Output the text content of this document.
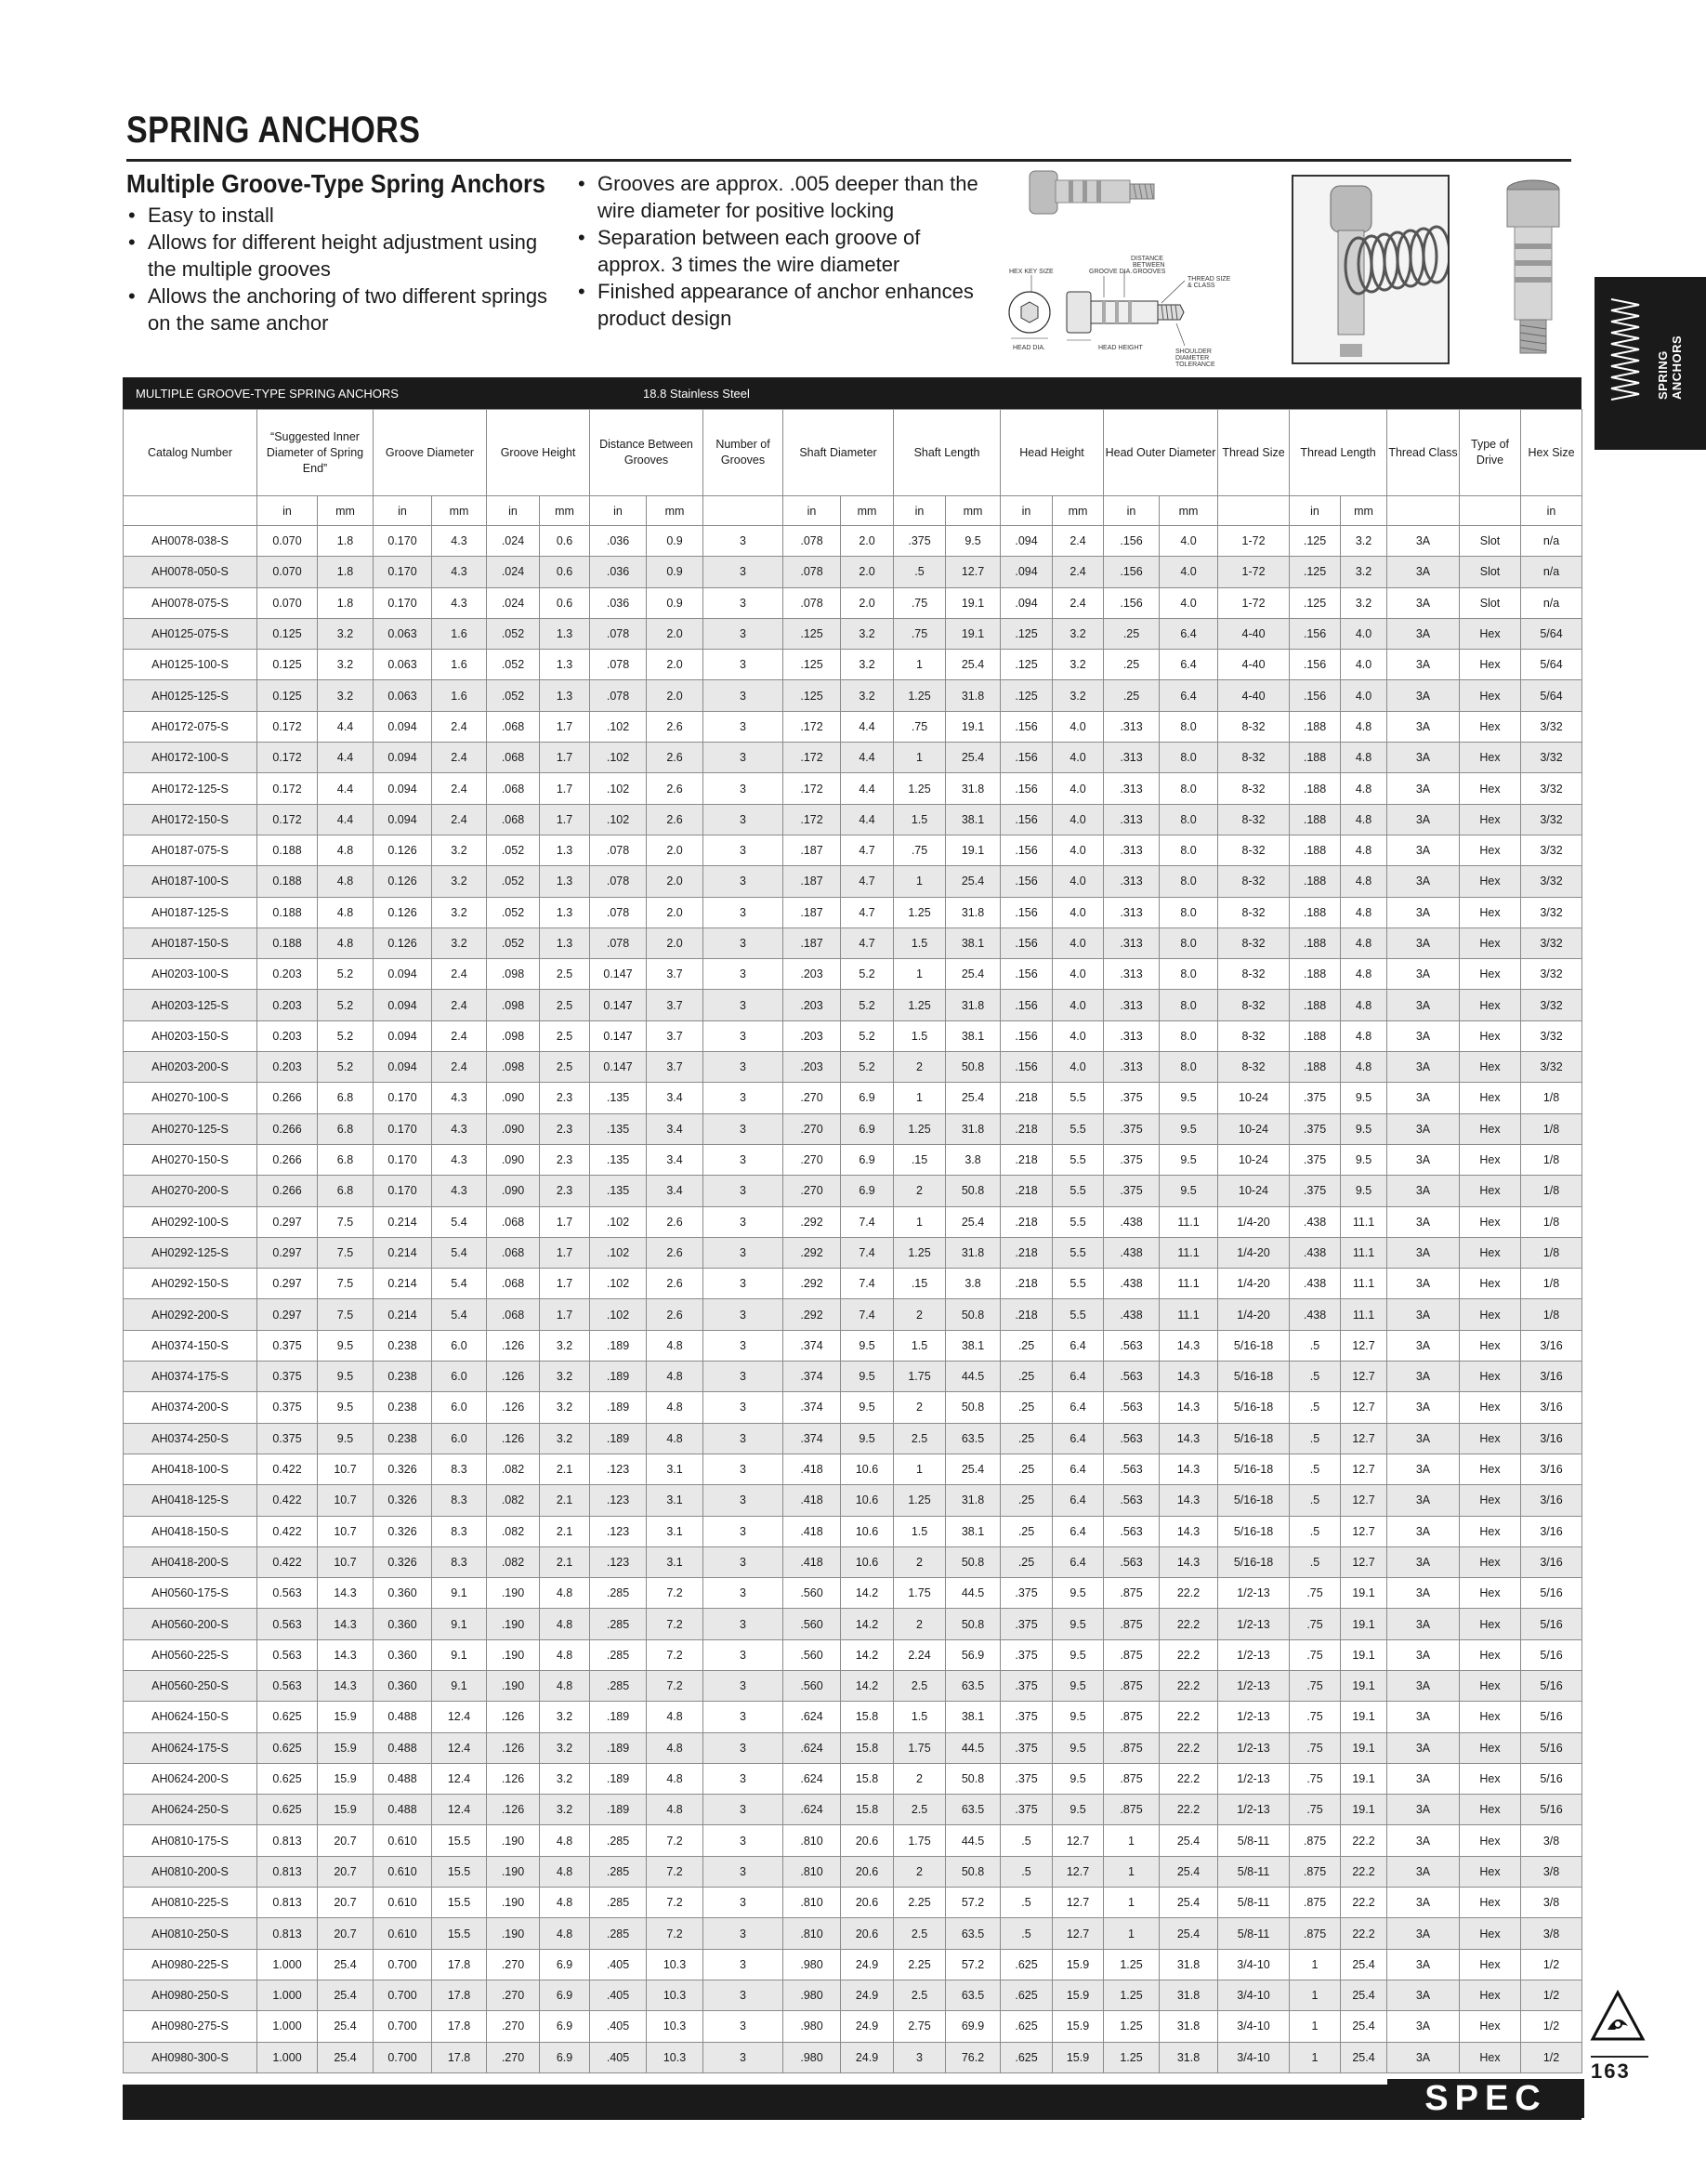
SPRING ANCHORS
Multiple Groove-Type Spring Anchors
• Easy to install
• Allows for different height adjustment using the multiple grooves
• Allows the anchoring of two different springs on the same anchor
• Grooves are approx. .005 deeper than the wire diameter for positive locking
• Separation between each groove of approx. 3 times the wire diameter
• Finished appearance of anchor enhances product design
HEX KEY SIZE	GROOVE DIA.
DISTANCE
BETWEEN
GROOVES
THREAD SIZE
& CLASS
HEAD DIA.	HEAD HEIGHT
SHOULDER
DIAMETER
TOLERANCE	SPRING ANCHORS
MULTIPLE GROOVE-TYPE SPRING ANCHORS	18.8 Stainless Steel
Catalog Number	“Suggested Inner Diameter of Spring End”		Groove Diameter		Groove Height		Distance Between Grooves		Number of Grooves	Shaft Diameter		Shaft Length		Head Height		Head Outer Diameter		Thread Size	Thread Length		Thread Class	Type of Drive	Hex Size
	in	mm	in	mm	in	mm	in	mm		in	mm	in	mm	in	mm	in	mm		in	mm			in
AH0078-038-S	0.070	1.8	0.170	4.3	.024	0.6	.036	0.9	3	.078	2.0	.375	9.5	.094	2.4	.156	4.0	1-72	.125	3.2	3A	Slot	n/a
AH0078-050-S	0.070	1.8	0.170	4.3	.024	0.6	.036	0.9	3	.078	2.0	.5	12.7	.094	2.4	.156	4.0	1-72	.125	3.2	3A	Slot	n/a
AH0078-075-S	0.070	1.8	0.170	4.3	.024	0.6	.036	0.9	3	.078	2.0	.75	19.1	.094	2.4	.156	4.0	1-72	.125	3.2	3A	Slot	n/a
AH0125-075-S	0.125	3.2	0.063	1.6	.052	1.3	.078	2.0	3	.125	3.2	.75	19.1	.125	3.2	.25	6.4	4-40	.156	4.0	3A	Hex	5/64
AH0125-100-S	0.125	3.2	0.063	1.6	.052	1.3	.078	2.0	3	.125	3.2	1	25.4	.125	3.2	.25	6.4	4-40	.156	4.0	3A	Hex	5/64
AH0125-125-S	0.125	3.2	0.063	1.6	.052	1.3	.078	2.0	3	.125	3.2	1.25	31.8	.125	3.2	.25	6.4	4-40	.156	4.0	3A	Hex	5/64
AH0172-075-S	0.172	4.4	0.094	2.4	.068	1.7	.102	2.6	3	.172	4.4	.75	19.1	.156	4.0	.313	8.0	8-32	.188	4.8	3A	Hex	3/32
AH0172-100-S	0.172	4.4	0.094	2.4	.068	1.7	.102	2.6	3	.172	4.4	1	25.4	.156	4.0	.313	8.0	8-32	.188	4.8	3A	Hex	3/32
AH0172-125-S	0.172	4.4	0.094	2.4	.068	1.7	.102	2.6	3	.172	4.4	1.25	31.8	.156	4.0	.313	8.0	8-32	.188	4.8	3A	Hex	3/32
AH0172-150-S	0.172	4.4	0.094	2.4	.068	1.7	.102	2.6	3	.172	4.4	1.5	38.1	.156	4.0	.313	8.0	8-32	.188	4.8	3A	Hex	3/32
AH0187-075-S	0.188	4.8	0.126	3.2	.052	1.3	.078	2.0	3	.187	4.7	.75	19.1	.156	4.0	.313	8.0	8-32	.188	4.8	3A	Hex	3/32
AH0187-100-S	0.188	4.8	0.126	3.2	.052	1.3	.078	2.0	3	.187	4.7	1	25.4	.156	4.0	.313	8.0	8-32	.188	4.8	3A	Hex	3/32
AH0187-125-S	0.188	4.8	0.126	3.2	.052	1.3	.078	2.0	3	.187	4.7	1.25	31.8	.156	4.0	.313	8.0	8-32	.188	4.8	3A	Hex	3/32
AH0187-150-S	0.188	4.8	0.126	3.2	.052	1.3	.078	2.0	3	.187	4.7	1.5	38.1	.156	4.0	.313	8.0	8-32	.188	4.8	3A	Hex	3/32
AH0203-100-S	0.203	5.2	0.094	2.4	.098	2.5	0.147	3.7	3	.203	5.2	1	25.4	.156	4.0	.313	8.0	8-32	.188	4.8	3A	Hex	3/32
AH0203-125-S	0.203	5.2	0.094	2.4	.098	2.5	0.147	3.7	3	.203	5.2	1.25	31.8	.156	4.0	.313	8.0	8-32	.188	4.8	3A	Hex	3/32
AH0203-150-S	0.203	5.2	0.094	2.4	.098	2.5	0.147	3.7	3	.203	5.2	1.5	38.1	.156	4.0	.313	8.0	8-32	.188	4.8	3A	Hex	3/32
AH0203-200-S	0.203	5.2	0.094	2.4	.098	2.5	0.147	3.7	3	.203	5.2	2	50.8	.156	4.0	.313	8.0	8-32	.188	4.8	3A	Hex	3/32
AH0270-100-S	0.266	6.8	0.170	4.3	.090	2.3	.135	3.4	3	.270	6.9	1	25.4	.218	5.5	.375	9.5	10-24	.375	9.5	3A	Hex	1/8
AH0270-125-S	0.266	6.8	0.170	4.3	.090	2.3	.135	3.4	3	.270	6.9	1.25	31.8	.218	5.5	.375	9.5	10-24	.375	9.5	3A	Hex	1/8
AH0270-150-S	0.266	6.8	0.170	4.3	.090	2.3	.135	3.4	3	.270	6.9	.15	3.8	.218	5.5	.375	9.5	10-24	.375	9.5	3A	Hex	1/8
AH0270-200-S	0.266	6.8	0.170	4.3	.090	2.3	.135	3.4	3	.270	6.9	2	50.8	.218	5.5	.375	9.5	10-24	.375	9.5	3A	Hex	1/8
AH0292-100-S	0.297	7.5	0.214	5.4	.068	1.7	.102	2.6	3	.292	7.4	1	25.4	.218	5.5	.438	11.1	1/4-20	.438	11.1	3A	Hex	1/8
AH0292-125-S	0.297	7.5	0.214	5.4	.068	1.7	.102	2.6	3	.292	7.4	1.25	31.8	.218	5.5	.438	11.1	1/4-20	.438	11.1	3A	Hex	1/8
AH0292-150-S	0.297	7.5	0.214	5.4	.068	1.7	.102	2.6	3	.292	7.4	.15	3.8	.218	5.5	.438	11.1	1/4-20	.438	11.1	3A	Hex	1/8
AH0292-200-S	0.297	7.5	0.214	5.4	.068	1.7	.102	2.6	3	.292	7.4	2	50.8	.218	5.5	.438	11.1	1/4-20	.438	11.1	3A	Hex	1/8
AH0374-150-S	0.375	9.5	0.238	6.0	.126	3.2	.189	4.8	3	.374	9.5	1.5	38.1	.25	6.4	.563	14.3	5/16-18	.5	12.7	3A	Hex	3/16
AH0374-175-S	0.375	9.5	0.238	6.0	.126	3.2	.189	4.8	3	.374	9.5	1.75	44.5	.25	6.4	.563	14.3	5/16-18	.5	12.7	3A	Hex	3/16
AH0374-200-S	0.375	9.5	0.238	6.0	.126	3.2	.189	4.8	3	.374	9.5	2	50.8	.25	6.4	.563	14.3	5/16-18	.5	12.7	3A	Hex	3/16
AH0374-250-S	0.375	9.5	0.238	6.0	.126	3.2	.189	4.8	3	.374	9.5	2.5	63.5	.25	6.4	.563	14.3	5/16-18	.5	12.7	3A	Hex	3/16
AH0418-100-S	0.422	10.7	0.326	8.3	.082	2.1	.123	3.1	3	.418	10.6	1	25.4	.25	6.4	.563	14.3	5/16-18	.5	12.7	3A	Hex	3/16
AH0418-125-S	0.422	10.7	0.326	8.3	.082	2.1	.123	3.1	3	.418	10.6	1.25	31.8	.25	6.4	.563	14.3	5/16-18	.5	12.7	3A	Hex	3/16
AH0418-150-S	0.422	10.7	0.326	8.3	.082	2.1	.123	3.1	3	.418	10.6	1.5	38.1	.25	6.4	.563	14.3	5/16-18	.5	12.7	3A	Hex	3/16
AH0418-200-S	0.422	10.7	0.326	8.3	.082	2.1	.123	3.1	3	.418	10.6	2	50.8	.25	6.4	.563	14.3	5/16-18	.5	12.7	3A	Hex	3/16
AH0560-175-S	0.563	14.3	0.360	9.1	.190	4.8	.285	7.2	3	.560	14.2	1.75	44.5	.375	9.5	.875	22.2	1/2-13	.75	19.1	3A	Hex	5/16
AH0560-200-S	0.563	14.3	0.360	9.1	.190	4.8	.285	7.2	3	.560	14.2	2	50.8	.375	9.5	.875	22.2	1/2-13	.75	19.1	3A	Hex	5/16
AH0560-225-S	0.563	14.3	0.360	9.1	.190	4.8	.285	7.2	3	.560	14.2	2.24	56.9	.375	9.5	.875	22.2	1/2-13	.75	19.1	3A	Hex	5/16
AH0560-250-S	0.563	14.3	0.360	9.1	.190	4.8	.285	7.2	3	.560	14.2	2.5	63.5	.375	9.5	.875	22.2	1/2-13	.75	19.1	3A	Hex	5/16
AH0624-150-S	0.625	15.9	0.488	12.4	.126	3.2	.189	4.8	3	.624	15.8	1.5	38.1	.375	9.5	.875	22.2	1/2-13	.75	19.1	3A	Hex	5/16
AH0624-175-S	0.625	15.9	0.488	12.4	.126	3.2	.189	4.8	3	.624	15.8	1.75	44.5	.375	9.5	.875	22.2	1/2-13	.75	19.1	3A	Hex	5/16
AH0624-200-S	0.625	15.9	0.488	12.4	.126	3.2	.189	4.8	3	.624	15.8	2	50.8	.375	9.5	.875	22.2	1/2-13	.75	19.1	3A	Hex	5/16
AH0624-250-S	0.625	15.9	0.488	12.4	.126	3.2	.189	4.8	3	.624	15.8	2.5	63.5	.375	9.5	.875	22.2	1/2-13	.75	19.1	3A	Hex	5/16
AH0810-175-S	0.813	20.7	0.610	15.5	.190	4.8	.285	7.2	3	.810	20.6	1.75	44.5	.5	12.7	1	25.4	5/8-11	.875	22.2	3A	Hex	3/8
AH0810-200-S	0.813	20.7	0.610	15.5	.190	4.8	.285	7.2	3	.810	20.6	2	50.8	.5	12.7	1	25.4	5/8-11	.875	22.2	3A	Hex	3/8
AH0810-225-S	0.813	20.7	0.610	15.5	.190	4.8	.285	7.2	3	.810	20.6	2.25	57.2	.5	12.7	1	25.4	5/8-11	.875	22.2	3A	Hex	3/8
AH0810-250-S	0.813	20.7	0.610	15.5	.190	4.8	.285	7.2	3	.810	20.6	2.5	63.5	.5	12.7	1	25.4	5/8-11	.875	22.2	3A	Hex	3/8
AH0980-225-S	1.000	25.4	0.700	17.8	.270	6.9	.405	10.3	3	.980	24.9	2.25	57.2	.625	15.9	1.25	31.8	3/4-10	1	25.4	3A	Hex	1/2
AH0980-250-S	1.000	25.4	0.700	17.8	.270	6.9	.405	10.3	3	.980	24.9	2.5	63.5	.625	15.9	1.25	31.8	3/4-10	1	25.4	3A	Hex	1/2
AH0980-275-S	1.000	25.4	0.700	17.8	.270	6.9	.405	10.3	3	.980	24.9	2.75	69.9	.625	15.9	1.25	31.8	3/4-10	1	25.4	3A	Hex	1/2
AH0980-300-S	1.000	25.4	0.700	17.8	.270	6.9	.405	10.3	3	.980	24.9	3	76.2	.625	15.9	1.25	31.8	3/4-10	1	25.4	3A	Hex	1/2
SPEC
163
